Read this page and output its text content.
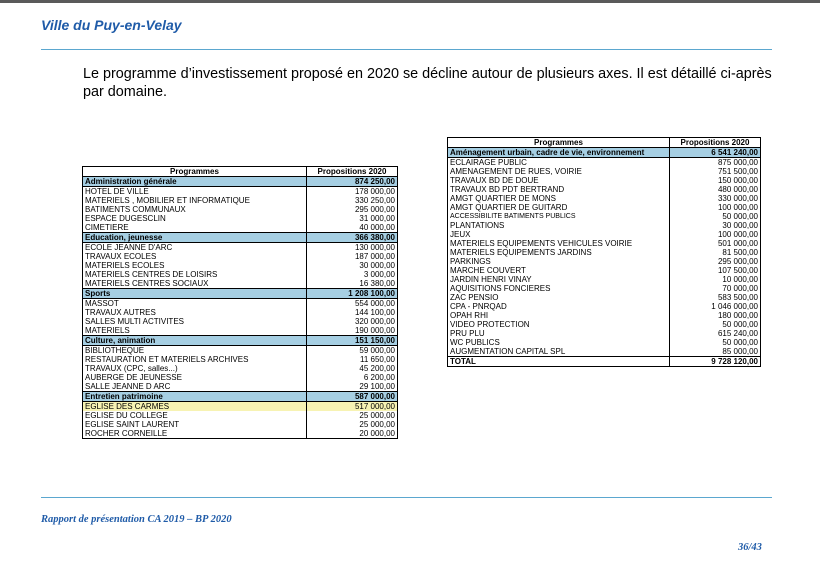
Ville du Puy-en-Velay
Le programme d’investissement proposé en 2020 se décline autour de plusieurs axes. Il est détaillé ci-après par domaine.
Programmes	Propositions 2020
Administration générale	874 250,00
HOTEL DE VILLE	178 000,00
MATERIELS , MOBILIER ET INFORMATIQUE	330 250,00
BATIMENTS COMMUNAUX	295 000,00
ESPACE DUGESCLIN	31 000,00
CIMETIERE	40 000,00
Education, jeunesse	366 380,00
ECOLE JEANNE D'ARC	130 000,00
TRAVAUX ECOLES	187 000,00
MATERIELS ECOLES	30 000,00
MATERIELS CENTRES DE LOISIRS	3 000,00
MATERIELS CENTRES SOCIAUX	16 380,00
Sports	1 208 100,00
MASSOT	554 000,00
TRAVAUX AUTRES	144 100,00
SALLES MULTI ACTIVITES	320 000,00
MATERIELS	190 000,00
Culture, animation	151 150,00
BIBLIOTHEQUE	59 000,00
RESTAURATION ET MATERIELS ARCHIVES	11 650,00
TRAVAUX (CPC, salles...)	45 200,00
AUBERGE DE JEUNESSE	6 200,00
SALLE JEANNE D ARC	29 100,00
Entretien patrimoine	587 000,00
EGLISE DES CARMES	517 000,00
EGLISE DU COLLEGE	25 000,00
EGLISE SAINT LAURENT	25 000,00
ROCHER CORNEILLE	20 000,00
Programmes	Propositions 2020
Aménagement urbain, cadre de vie, environnement	6 541 240,00
ECLAIRAGE PUBLIC	875 000,00
AMENAGEMENT DE RUES, VOIRIE	751 500,00
TRAVAUX BD DE DOUE	150 000,00
TRAVAUX BD PDT BERTRAND	480 000,00
AMGT QUARTIER DE MONS	330 000,00
AMGT QUARTIER DE GUITARD	100 000,00
ACCESSIBILITE BATIMENTS PUBLICS	50 000,00
PLANTATIONS	30 000,00
JEUX	100 000,00
MATERIELS EQUIPEMENTS VEHICULES VOIRIE	501 000,00
MATERIELS EQUIPEMENTS JARDINS	81 500,00
PARKINGS	295 000,00
MARCHE COUVERT	107 500,00
JARDIN HENRI VINAY	10 000,00
AQUISITIONS FONCIERES	70 000,00
ZAC PENSIO	583 500,00
CPA - PNRQAD	1 046 000,00
OPAH RHI	180 000,00
VIDEO PROTECTION	50 000,00
PRU PLU	615 240,00
WC PUBLICS	50 000,00
AUGMENTATION CAPITAL SPL	85 000,00
TOTAL	9 728 120,00
Rapport de présentation CA 2019 – BP 2020
36/43
